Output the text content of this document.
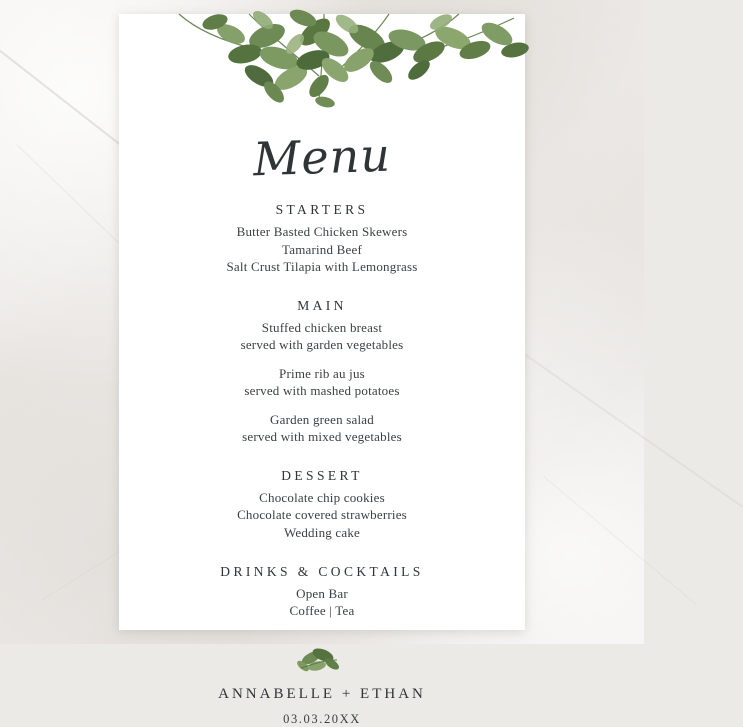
Menu
STARTERS
Butter Basted Chicken Skewers
Tamarind Beef
Salt Crust Tilapia with Lemongrass
MAIN
Stuffed chicken breast
served with garden vegetables
Prime rib au jus
served with mashed potatoes
Garden green salad
served with mixed vegetables
DESSERT
Chocolate chip cookies
Chocolate covered strawberries
Wedding cake
DRINKS & COCKTAILS
Open Bar
Coffee | Tea
ANNABELLE + ETHAN
03.03.20XX
